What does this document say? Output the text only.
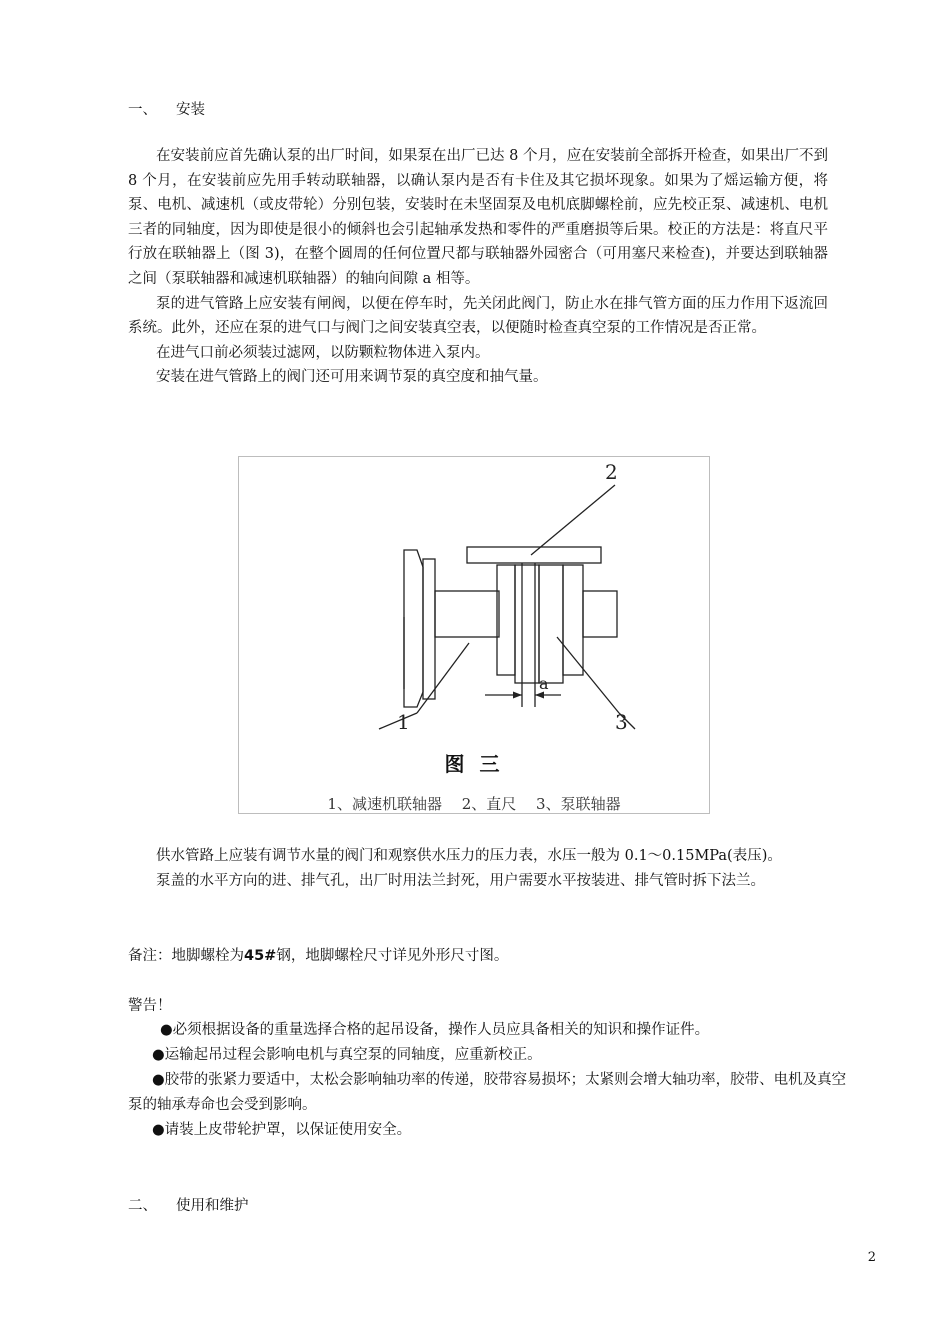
一、 安装

在安装前应首先确认泵的出厂时间，如果泵在出厂已达 8 个月，应在安装前全部拆开检查，如果出厂不到 8 个月，在安装前应先用手转动联轴器，以确认泵内是否有卡住及其它损坏现象。如果为了熎运输方便，将泵、电机、减速机（或皮带轮）分别包装，安装时在未坚固泵及电机底脚螺栓前，应先校正泵、减速机、电机三者的同轴度，因为即使是很小的倾斜也会引起轴承发热和零件的严重磨损等后果。校正的方法是：将直尺平行放在联轴器上（图 3)，在整个圆周的任何位置尺都与联轴器外园密合（可用塞尺来检查)，并要达到联轴器之间（泵联轴器和减速机联轴器）的轴向间隙 a 相等。

泵的进气管路上应安装有闸阀，以便在停车时，先关闭此阀门，防止水在排气管方面的压力作用下返流回系统。此外，还应在泵的进气口与阀门之间安装真空表，以便随时检查真空泵的工作情况是否正常。

在进气口前必须装过滤网，以防颗粒物体进入泵内。

安装在进气管路上的阀门还可用来调节泵的真空度和抽气量。

1
2
3
a
图 三
1、减速机联轴器　 2、直尺　 3、泵联轴器

供水管路上应装有调节水量的阀门和观察供水压力的压力表，水压一般为 0.1～0.15MPa(表压)。

泵盖的水平方向的进、排气孔，出厂时用法兰封死，用户需要水平按装进、排气管时拆下法兰。

备注：地脚螺栓为45#钢，地脚螺栓尺寸详见外形尺寸图。
警告！
●必须根据设备的重量选择合格的起吊设备，操作人员应具备相关的知识和操作证件。
●运输起吊过程会影响电机与真空泵的同轴度，应重新校正。
●胶带的张紧力要适中，太松会影响轴功率的传递，胶带容易损坏；太紧则会增大轴功率，胶带、电机及真空泵的轴承寿命也会受到影响。
●请装上皮带轮护罩，以保证使用安全。
二、 使用和维护
2
